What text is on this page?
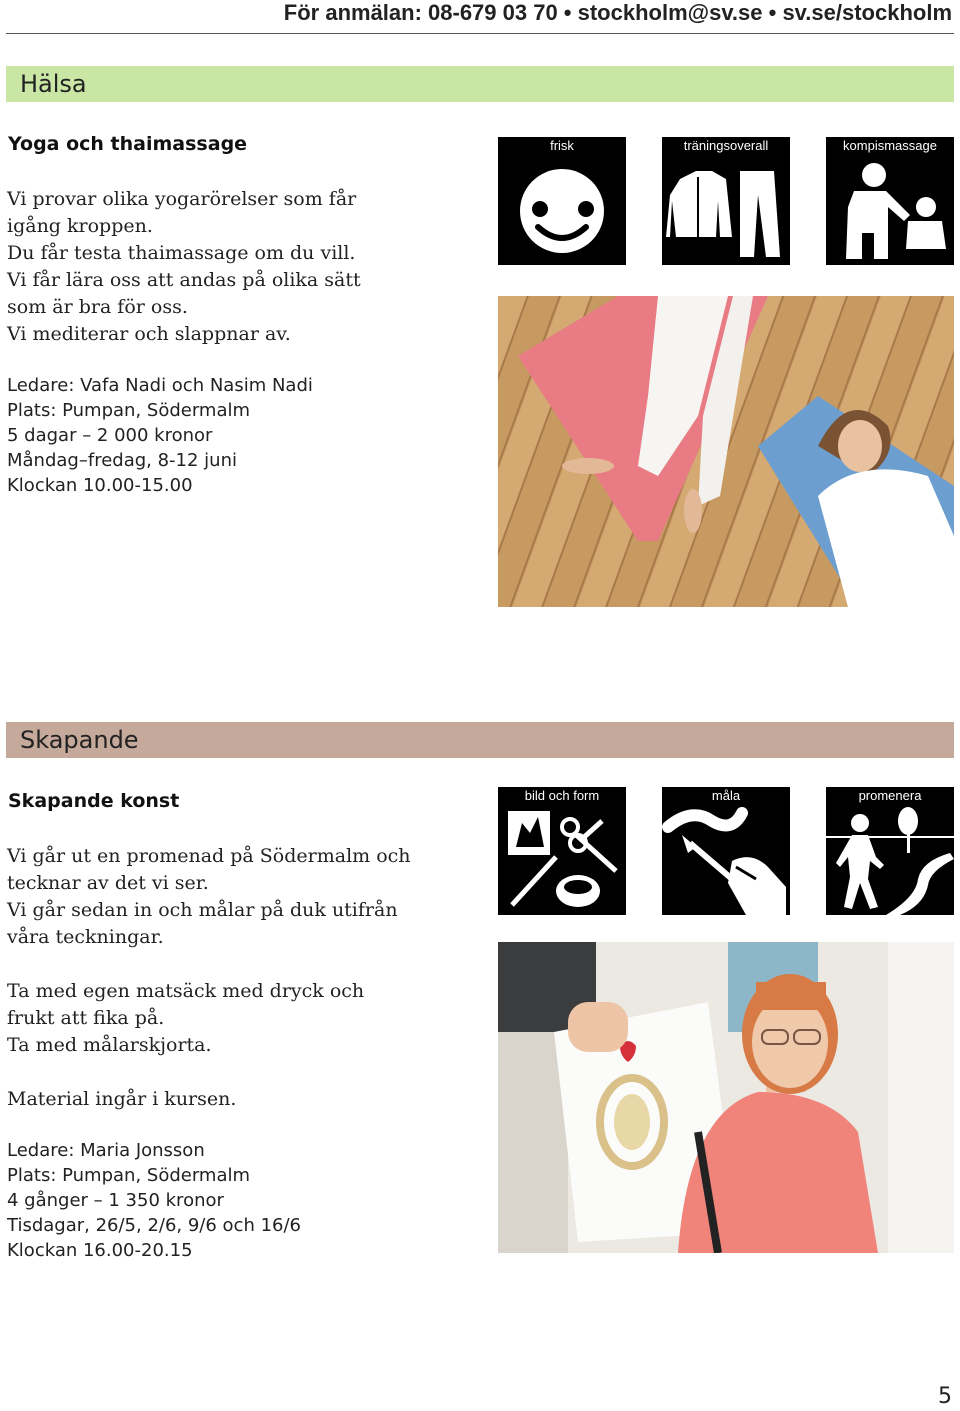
För anmälan: 08-679 03 70 • stockholm@sv.se • sv.se/stockholm
Hälsa
Yoga och thaimassage

Vi provar olika yogarörelser som får igång kroppen.

Du får testa thaimassage om du vill.

Vi får lära oss att andas på olika sätt som är bra för oss.

Vi mediterar och slappnar av.

Ledare: Vafa Nadi och Nasim Nadi
Plats: Pumpan, Södermalm
5 dagar – 2 000 kronor
Måndag–fredag, 8-12 juni
Klockan 10.00-15.00
frisk	träningsoverall	kompismassage
Skapande
Skapande konst

Vi går ut en promenad på Södermalm och tecknar av det vi ser.

Vi går sedan in och målar på duk utifrån våra teckningar.

Ta med egen matsäck med dryck och frukt att fika på.

Ta med målarskjorta.

Material ingår i kursen.

Ledare: Maria Jonsson
Plats: Pumpan, Södermalm
4 gånger – 1 350 kronor
Tisdagar, 26/5, 2/6, 9/6 och 16/6
Klockan 16.00-20.15
bild och form	måla	promenera
5
